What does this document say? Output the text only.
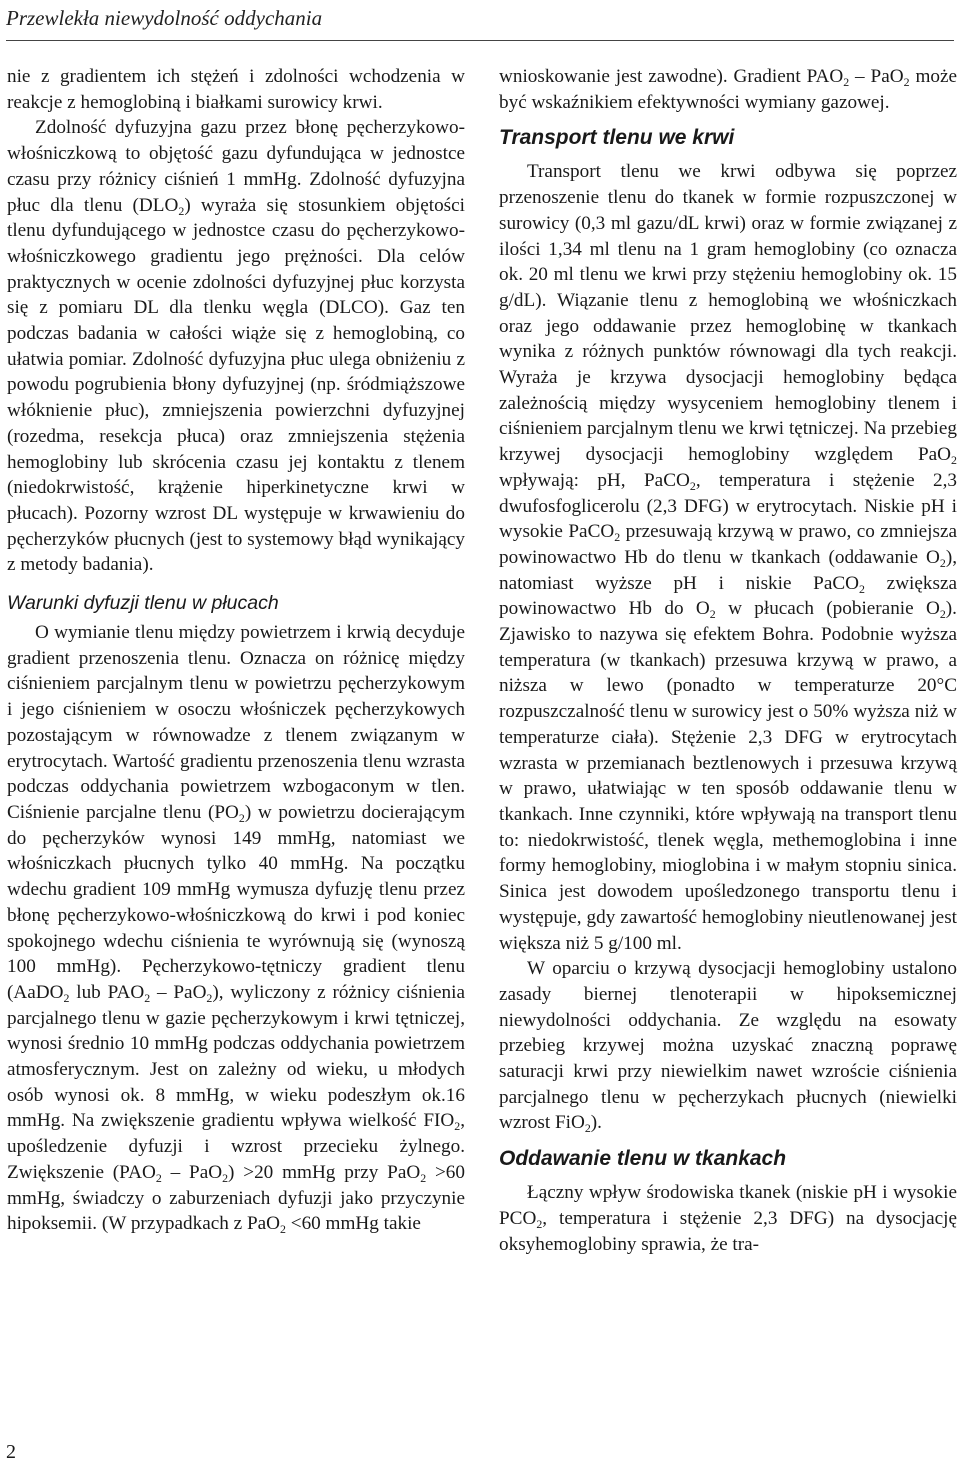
Przewlekła niewydolność oddychania

nie z gradientem ich stężeń i zdolności wchodzenia w reakcje z hemoglobiną i białkami surowicy krwi.

Zdolność dyfuzyjna gazu przez błonę pęcherzykowo-włośniczkową to objętość gazu dyfundująca w jednostce czasu przy różnicy ciśnień 1 mmHg. Zdolność dyfuzyjna płuc dla tlenu $(DLO_2)$ wyraża się stosunkiem objętości tlenu dyfundującego w jednostce czasu do pęcherzykowo-włośniczkowego gradientu jego prężności. Dla celów praktycznych w ocenie zdolności dyfuzyjnej płuc korzysta się z pomiaru DL dla tlenku węgla (DLCO). Gaz ten podczas badania w całości wiąże się z hemoglobiną, co ułatwia pomiar. Zdolność dyfuzyjna płuc ulega obniżeniu z powodu pogrubienia błony dyfuzyjnej (np. śródmiąższowe włóknienie płuc), zmniejszenia powierzchni dyfuzyjnej (rozedma, resekcja płuca) oraz zmniejszenia stężenia hemoglobiny lub skrócenia czasu jej kontaktu z tlenem (niedokrwistość, krążenie hiperkinetyczne krwi w płucach). Pozorny wzrost DL występuje w krwawieniu do pęcherzyków płucnych (jest to systemowy błąd wynikający z metody badania).

Warunki dyfuzji tlenu w płucach

O wymianie tlenu między powietrzem i krwią decyduje gradient przenoszenia tlenu. Oznacza on różnicę między ciśnieniem parcjalnym tlenu w powietrzu pęcherzykowym i jego ciśnieniem w osoczu włośniczek pęcherzykowych pozostającym w równowadze z tlenem związanym w erytrocytach. Wartość gradientu przenoszenia tlenu wzrasta podczas oddychania powietrzem wzbogaconym w tlen. Ciśnienie parcjalne tlenu $(PO_2)$ w powietrzu docierającym do pęcherzyków wynosi 149 mmHg, natomiast we włośniczkach płucnych tylko 40 mmHg. Na początku wdechu gradient 109 mmHg wymusza dyfuzję tlenu przez błonę pęcherzykowo-włośniczkową do krwi i pod koniec spokojnego wdechu ciśnienia te wyrównują się (wynoszą 100 mmHg). Pęcherzykowo-tętniczy gradient tlenu (AaDO$_2$ lub $PAO_2 - PaO_2$), wyliczony z różnicy ciśnienia parcjalnego tlenu w gazie pęcherzykowym i krwi tętniczej, wynosi średnio 10 mmHg podczas oddychania powietrzem atmosferycznym. Jest on zależny od wieku, u młodych osób wynosi ok. 8 mmHg, w wieku podeszłym ok.16 mmHg. Na zwiększenie gradientu wpływa wielkość $FIO_2$, upośledzenie dyfuzji i wzrost przecieku żylnego. Zwiększenie $(PAO_2 - PaO_2) >20$ mmHg przy PaO$_2$ >60 mmHg, świadczy o zaburzeniach dyfuzji jako przyczynie hipoksemii. (W przypadkach z PaO$_2$ <60 mmHg takie

wnioskowanie jest zawodne). Gradient $PAO_2 - PaO_2$ może być wskaźnikiem efektywności wymiany gazowej.

Transport tlenu we krwi

Transport tlenu we krwi odbywa się poprzez przenoszenie tlenu do tkanek w formie rozpuszczonej w surowicy (0,3 ml gazu/dL krwi) oraz w formie związanej z ilości 1,34 ml tlenu na 1 gram hemoglobiny (co oznacza ok. 20 ml tlenu we krwi przy stężeniu hemoglobiny ok. 15 g/dL). Wiązanie tlenu z hemoglobiną we włośniczkach oraz jego oddawanie przez hemoglobinę w tkankach wynika z różnych punktów równowagi dla tych reakcji. Wyraża je krzywa dysocjacji hemoglobiny będąca zależnością między wysyceniem hemoglobiny tlenem i ciśnieniem parcjalnym tlenu we krwi tętniczej. Na przebieg krzywej dysocjacji hemoglobiny względem PaO$_2$ wpływają: pH, PaCO$_2$, temperatura i stężenie 2,3 dwufosfoglicerolu (2,3 DFG) w erytrocytach. Niskie pH i wysokie PaCO$_2$ przesuwają krzywą w prawo, co zmniejsza powinowactwo Hb do tlenu w tkankach (oddawanie $O_2$), natomiast wyższe pH i niskie PaCO$_2$ zwiększa powinowactwo Hb do $O_2$ w płucach (pobieranie $O_2$). Zjawisko to nazywa się efektem Bohra. Podobnie wyższa temperatura (w tkankach) przesuwa krzywą w prawo, a niższa w lewo (ponadto w temperaturze 20°C rozpuszczalność tlenu w surowicy jest o 50% wyższa niż w temperaturze ciała). Stężenie 2,3 DFG w erytrocytach wzrasta w przemianach beztlenowych i przesuwa krzywą w prawo, ułatwiając w ten sposób oddawanie tlenu w tkankach. Inne czynniki, które wpływają na transport tlenu to: niedokrwistość, tlenek węgla, methemoglobina i inne formy hemoglobiny, mioglobina i w małym stopniu sinica. Sinica jest dowodem upośledzonego transportu tlenu i występuje, gdy zawartość hemoglobiny nieutlenowanej jest większa niż 5 g/100 ml.

W oparciu o krzywą dysocjacji hemoglobiny ustalono zasady biernej tlenoterapii w hipoksemicznej niewydolności oddychania. Ze względu na esowaty przebieg krzywej można uzyskać znaczną poprawę saturacji krwi przy niewielkim nawet wzroście ciśnienia parcjalnego tlenu w pęcherzykach płucnych (niewielki wzrost FiO$_2$).

Oddawanie tlenu w tkankach

Łączny wpływ środowiska tkanek (niskie pH i wysokie $PCO_2$, temperatura i stężenie 2,3 DFG) na dysocjację oksyhemoglobiny sprawia, że tra-

2
